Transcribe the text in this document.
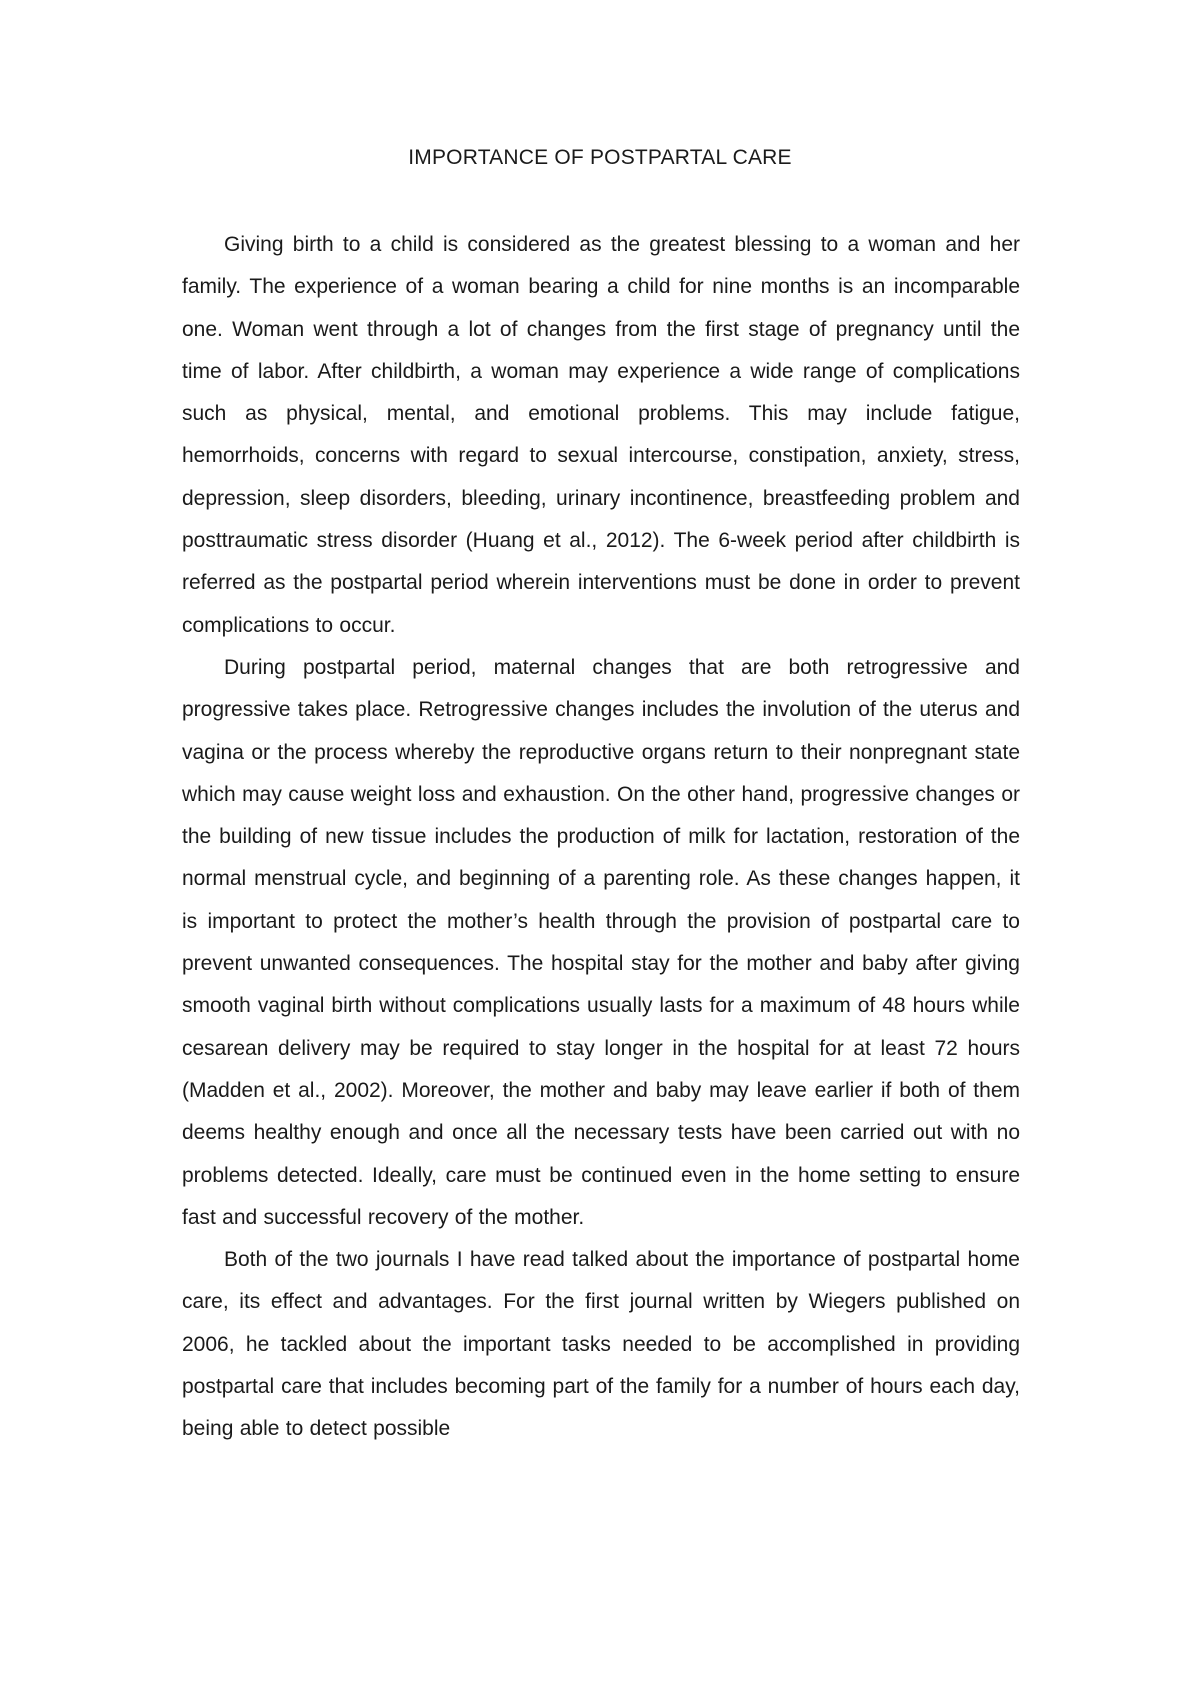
IMPORTANCE OF POSTPARTAL CARE

Giving birth to a child is considered as the greatest blessing to a woman and her family. The experience of a woman bearing a child for nine months is an incomparable one. Woman went through a lot of changes from the first stage of pregnancy until the time of labor. After childbirth, a woman may experience a wide range of complications such as physical, mental, and emotional problems. This may include fatigue, hemorrhoids, concerns with regard to sexual intercourse, constipation, anxiety, stress, depression, sleep disorders, bleeding, urinary incontinence, breastfeeding problem and posttraumatic stress disorder (Huang et al., 2012). The 6-week period after childbirth is referred as the postpartal period wherein interventions must be done in order to prevent complications to occur.

During postpartal period, maternal changes that are both retrogressive and progressive takes place. Retrogressive changes includes the involution of the uterus and vagina or the process whereby the reproductive organs return to their nonpregnant state which may cause weight loss and exhaustion. On the other hand, progressive changes or the building of new tissue includes the production of milk for lactation, restoration of the normal menstrual cycle, and beginning of a parenting role. As these changes happen, it is important to protect the mother’s health through the provision of postpartal care to prevent unwanted consequences. The hospital stay for the mother and baby after giving smooth vaginal birth without complications usually lasts for a maximum of 48 hours while cesarean delivery may be required to stay longer in the hospital for at least 72 hours (Madden et al., 2002). Moreover, the mother and baby may leave earlier if both of them deems healthy enough and once all the necessary tests have been carried out with no problems detected. Ideally, care must be continued even in the home setting to ensure fast and successful recovery of the mother.

Both of the two journals I have read talked about the importance of postpartal home care, its effect and advantages. For the first journal written by Wiegers published on 2006, he tackled about the important tasks needed to be accomplished in providing postpartal care that includes becoming part of the family for a number of hours each day, being able to detect possible
